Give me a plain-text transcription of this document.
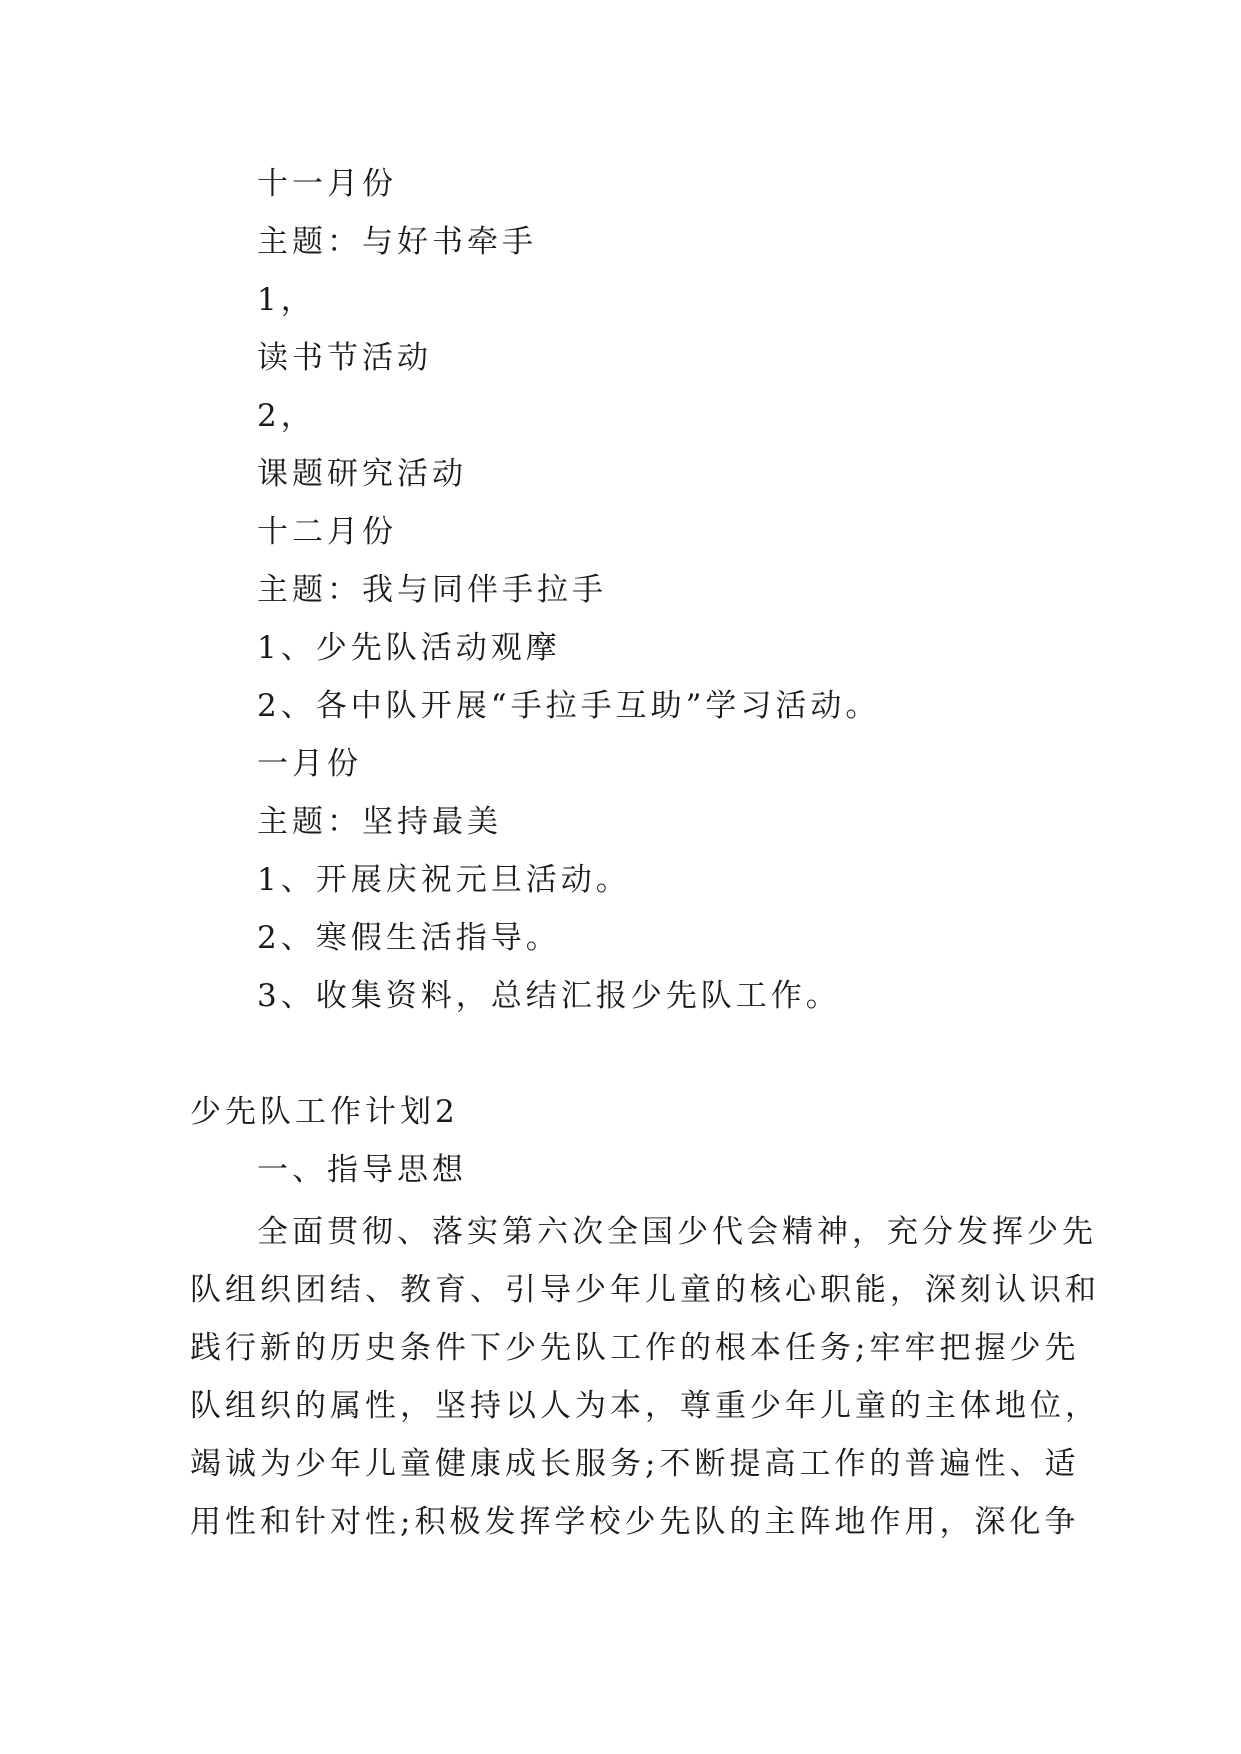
十一月份
主题：与好书牵手
1，
读书节活动
2，
课题研究活动
十二月份
主题：我与同伴手拉手
1、少先队活动观摩
2、各中队开展“手拉手互助”学习活动。
一月份
主题：坚持最美
1、开展庆祝元旦活动。
2、寒假生活指导。
3、收集资料，总结汇报少先队工作。
少先队工作计划2
一、指导思想
全面贯彻、落实第六次全国少代会精神，充分发挥少先
队组织团结、教育、引导少年儿童的核心职能，深刻认识和
践行新的历史条件下少先队工作的根本任务;牢牢把握少先
队组织的属性，坚持以人为本，尊重少年儿童的主体地位，
竭诚为少年儿童健康成长服务;不断提高工作的普遍性、适
用性和针对性;积极发挥学校少先队的主阵地作用，深化争
